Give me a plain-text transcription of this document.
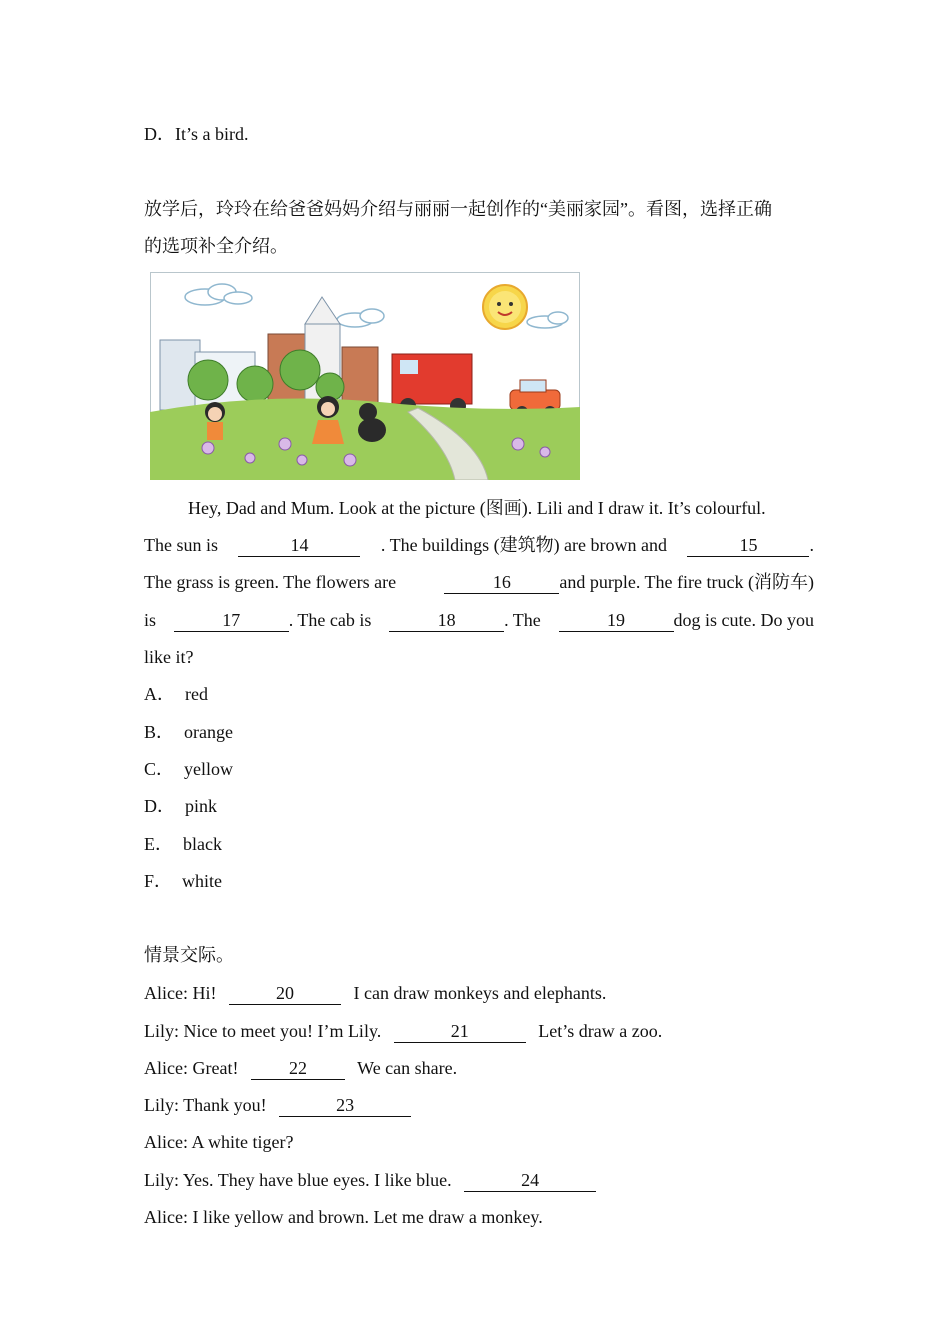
D．It’s a bird.
放学后，玲玲在给爸爸妈妈介绍与丽丽一起创作的“美丽家园”。看图，选择正确
的选项补全介绍。
Hey, Dad and Mum. Look at the picture (图画). Lili and I draw it. It’s colourful.
The sun is	14	. The buildings (建筑物) are brown and	15	.
The grass is green. The flowers are	16	and purple. The fire truck (消防车)
is	17	. The cab is	18	. The	19	dog is cute. Do you
like it?
A． red
B． orange
C． yellow
D． pink
E． black
F． white
情景交际。
Alice: Hi!	20	I can draw monkeys and elephants.
Lily: Nice to meet you! I’m Lily.	21	Let’s draw a zoo.
Alice: Great!	22	We can share.
Lily: Thank you!	23
Alice: A white tiger?
Lily: Yes. They have blue eyes. I like blue.	24
Alice: I like yellow and brown. Let me draw a monkey.
